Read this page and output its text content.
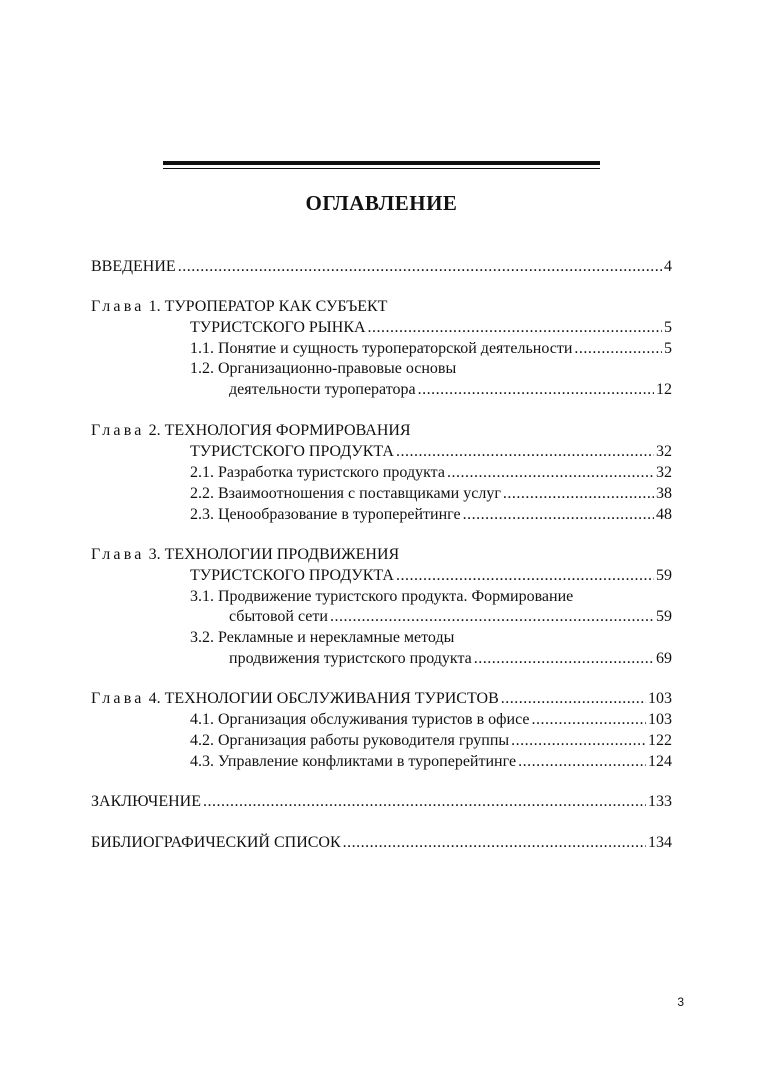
ОГЛАВЛЕНИЕ
ВВЕДЕНИЕ .....	4
Глава 1. ТУРОПЕРАТОР КАК СУБЪЕКТ
ТУРИСТСКОГО РЫНКА .....	5
1.1. Понятие и сущность туроператорской деятельности .....	5
1.2. Организационно-правовые основы
деятельности туроператора .....	12
Глава 2. ТЕХНОЛОГИЯ ФОРМИРОВАНИЯ
ТУРИСТСКОГО ПРОДУКТА .....	32
2.1. Разработка туристского продукта .....	32
2.2. Взаимоотношения с поставщиками услуг .....	38
2.3. Ценообразование в туроперейтинге .....	48
Глава 3. ТЕХНОЛОГИИ ПРОДВИЖЕНИЯ
ТУРИСТСКОГО ПРОДУКТА .....	59
3.1. Продвижение туристского продукта. Формирование
сбытовой сети .....	59
3.2. Рекламные и нерекламные методы
продвижения туристского продукта .....	69
Глава 4. ТЕХНОЛОГИИ ОБСЛУЖИВАНИЯ ТУРИСТОВ .....	103
4.1. Организация обслуживания туристов в офисе .....	103
4.2. Организация работы руководителя группы .....	122
4.3. Управление конфликтами в туроперейтинге .....	124
ЗАКЛЮЧЕНИЕ .....	133
БИБЛИОГРАФИЧЕСКИЙ СПИСОК .....	134
3
